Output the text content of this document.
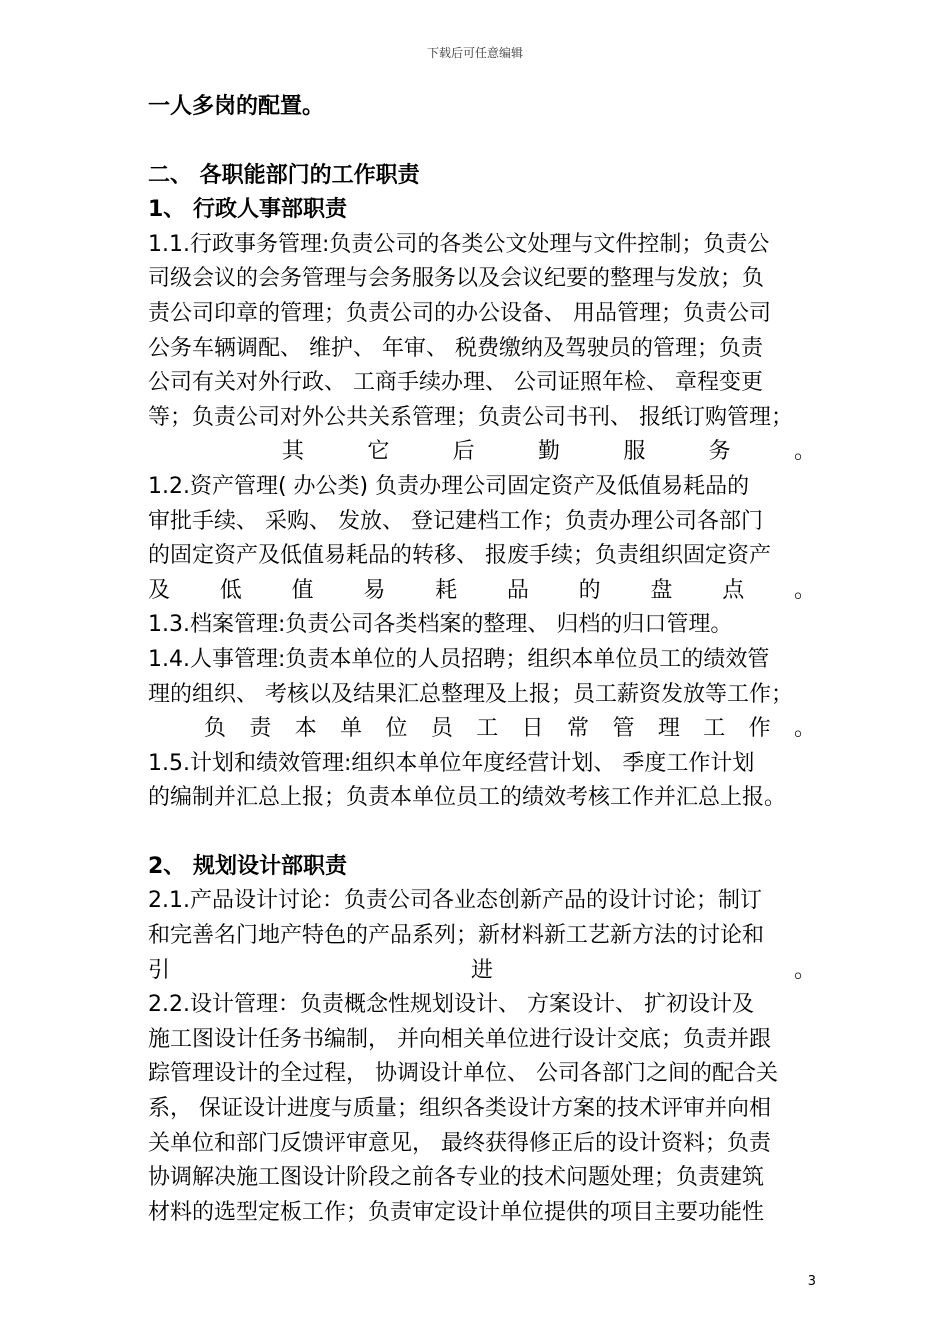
下载后可任意编辑
一人多岗的配置。
二、 各职能部门的工作职责
1、 行政人事部职责
1.1.行政事务管理:负责公司的各类公文处理与文件控制；负责公
司级会议的会务管理与会务服务以及会议纪要的整理与发放；负
责公司印章的管理；负责公司的办公设备、 用品管理；负责公司
公务车辆调配、 维护、 年审、 税费缴纳及驾驶员的管理；负责
公司有关对外行政、 工商手续办理、 公司证照年检、 章程变更
等；负责公司对外公共关系管理；负责公司书刊、 报纸订购管理；
其它后勤服务。
1.2.资产管理( 办公类) 负责办理公司固定资产及低值易耗品的
审批手续、 采购、 发放、 登记建档工作；负责办理公司各部门
的固定资产及低值易耗品的转移、 报废手续；负责组织固定资产
及低值易耗品的盘点。
1.3.档案管理:负责公司各类档案的整理、 归档的归口管理。
1.4.人事管理:负责本单位的人员招聘；组织本单位员工的绩效管
理的组织、 考核以及结果汇总整理及上报；员工薪资发放等工作；
负责本单位员工日常管理工作。
1.5.计划和绩效管理:组织本单位年度经营计划、 季度工作计划
的编制并汇总上报；负责本单位员工的绩效考核工作并汇总上报。
2、 规划设计部职责
2.1.产品设计讨论：负责公司各业态创新产品的设计讨论；制订
和完善名门地产特色的产品系列；新材料新工艺新方法的讨论和
引进。
2.2.设计管理：负责概念性规划设计、 方案设计、 扩初设计及
施工图设计任务书编制， 并向相关单位进行设计交底；负责并跟
踪管理设计的全过程， 协调设计单位、 公司各部门之间的配合关
系， 保证设计进度与质量；组织各类设计方案的技术评审并向相
关单位和部门反馈评审意见， 最终获得修正后的设计资料；负责
协调解决施工图设计阶段之前各专业的技术问题处理；负责建筑
材料的选型定板工作；负责审定设计单位提供的项目主要功能性
3
